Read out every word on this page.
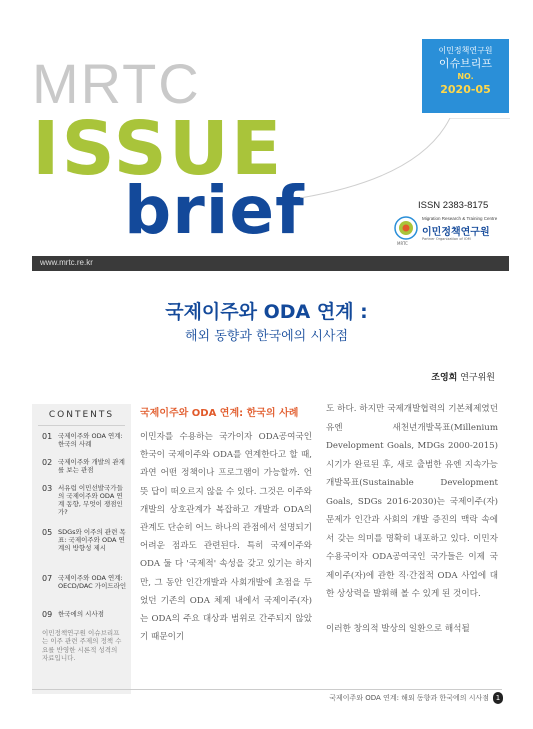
MRTC
ISSUE
brief
이민정책연구원
이슈브리프
NO.
2020-05
ISSN 2383-8175
Migration Research & Training Centre
이민정책연구원
Partner Organization of IOM
MRTC
www.mrtc.re.kr
국제이주와 ODA 연계 :
해외 동향과 한국에의 시사점
조영희 연구위원
CONTENTS
01 국제이주와 ODA 연계: 한국의 사례
02 국제이주와 개발의 관계를 보는 관점
03 서유럽 이민선발국가들의 국제이주와 ODA 연계 동향, 무엇이 쟁점인가?
05 SDGs와 이주의 관련 목표: 국제이주와 ODA 연계의 방향성 제시
07 국제이주와 ODA 연계: OECD/DAC 가이드라인
09 한국에의 시사점
이민정책연구원 이슈브리프는 이주 관련 주제의 정책 수요를 반영한 시론적 성격의 자료입니다.
국제이주와 ODA 연계: 한국의 사례
이민자를 수용하는 국가이자 ODA공여국인 한국이 국제이주와 ODA를 연계한다고 할 때, 과연 어떤 정책이나 프로그램이 가능할까. 언뜻 답이 떠오르지 않을 수 있다. 그것은 이주와 개발의 상호관계가 복잡하고 개발과 ODA의 관계도 단순히 어느 하나의 관점에서 설명되기 어려운 점과도 관련된다. 특히 국제이주와 ODA 둘 다 '국제적' 속성을 갖고 있기는 하지만, 그 동안 인간개발과 사회개발에 초점을 두었던 기존의 ODA 체제 내에서 국제이주(자)는 ODA의 주요 대상과 범위로 간주되지 않았기 때문이기
도 하다. 하지만 국제개발협력의 기본체제였던 유엔 새천년개발목표(Millenium Development Goals, MDGs 2000-2015) 시기가 완료된 후, 새로 출범한 유엔 지속가능개발목표(Sustainable Development Goals, SDGs 2016-2030)는 국제이주(자) 문제가 인간과 사회의 개발 증진의 맥락 속에서 갖는 의미를 명확히 내포하고 있다. 이민자수용국이자 ODA공여국인 국가들은 이제 국제이주(자)에 관한 직·간접적 ODA 사업에 대한 상상력을 발휘해 볼 수 있게 된 것이다.
이러한 창의적 발상의 일환으로 해석될
국제이주와 ODA 연계: 해외 동향과 한국에의 시사점 1
